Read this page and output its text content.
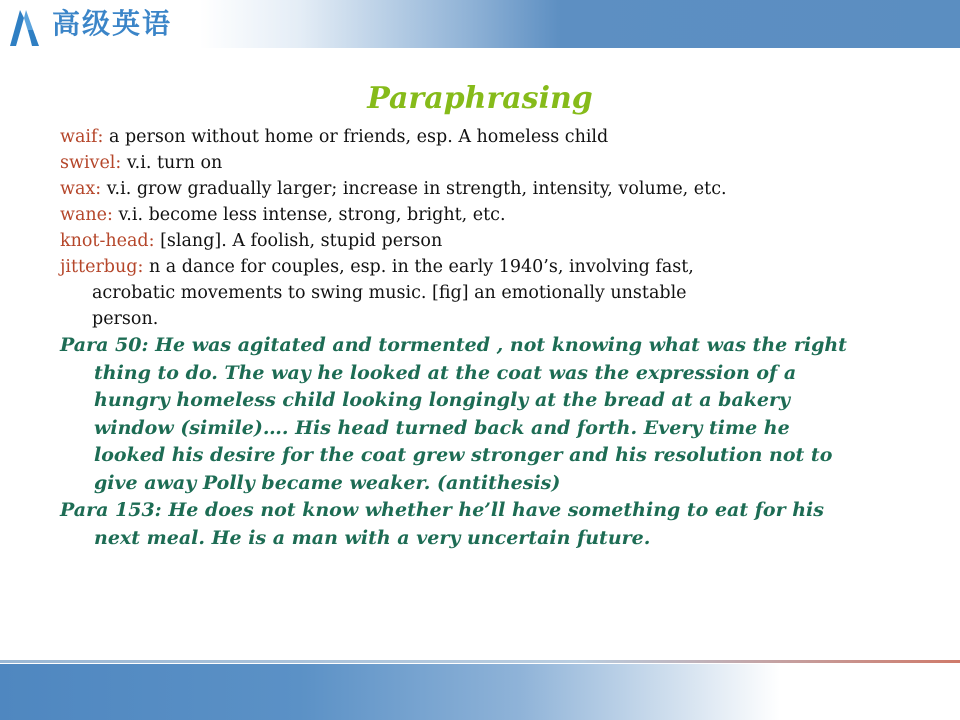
高级英语
Paraphrasing

waif: a person without home or friends, esp. A homeless child

swivel: v.i. turn on

wax: v.i. grow gradually larger; increase in strength, intensity, volume, etc.

wane: v.i. become less intense, strong, bright, etc.

knot-head: [slang]. A foolish, stupid person

jitterbug: n a dance for couples, esp. in the early 1940’s, involving fast,

acrobatic movements to swing music. [fig] an emotionally unstable

person.

Para 50: He was agitated and tormented , not knowing what was the right

thing to do. The way he looked at the coat was the expression of a

hungry homeless child looking longingly at the bread at a bakery

window (simile)…. His head turned back and forth. Every time he

looked his desire for the coat grew stronger and his resolution not to

give away Polly became weaker. (antithesis)

Para 153: He does not know whether he’ll have something to eat for his

next meal. He is a man with a very uncertain future.
